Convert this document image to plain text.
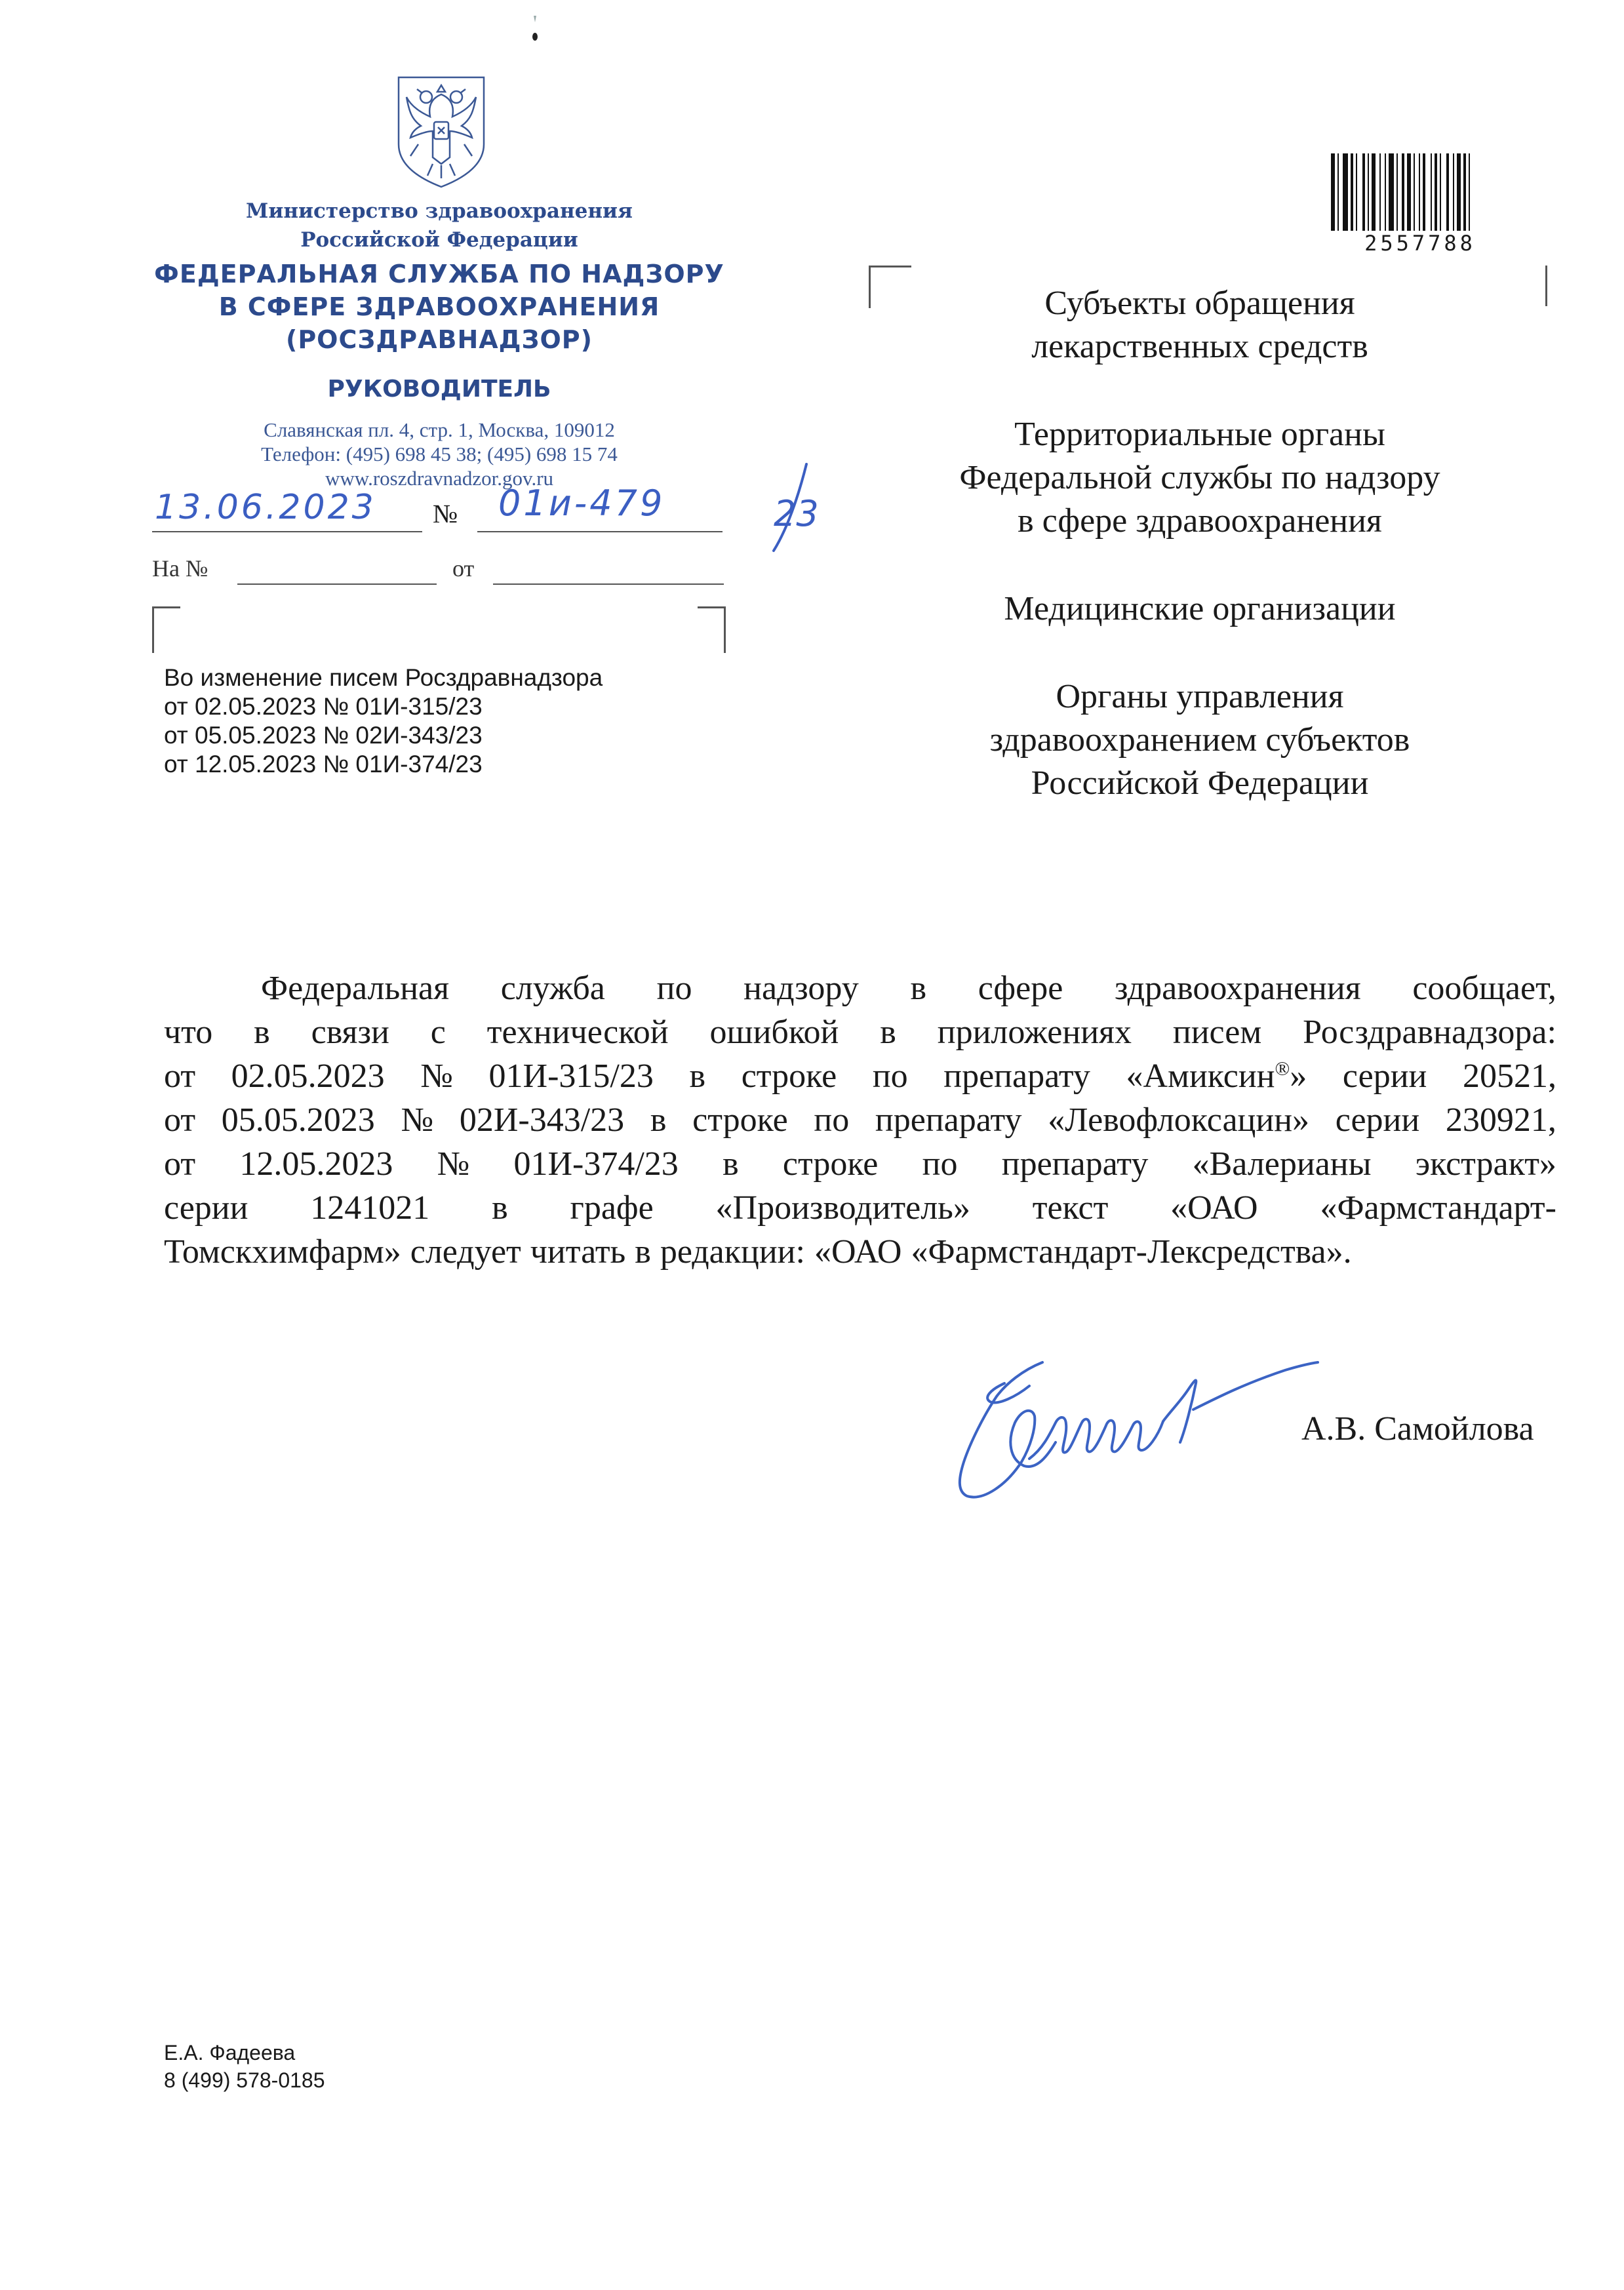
Министерство здравоохранения
Российской Федерации
ФЕДЕРАЛЬНАЯ СЛУЖБА ПО НАДЗОРУ
В СФЕРЕ ЗДРАВООХРАНЕНИЯ
(РОСЗДРАВНАДЗОР)
РУКОВОДИТЕЛЬ
Славянская пл. 4, стр. 1, Москва, 109012
Телефон: (495) 698 45 38; (495) 698 15 74
www.roszdravnadzor.gov.ru
13.06.2023 № 01и-479	23
На №	от
Во изменение писем Росздравнадзора
от 02.05.2023 № 01И-315/23
от 05.05.2023 № 02И-343/23
от 12.05.2023 № 01И-374/23
2557788
Субъекты обращения
лекарственных средств
Территориальные органы
Федеральной службы по надзору
в сфере здравоохранения
Медицинские организации
Органы управления
здравоохранением субъектов
Российской Федерации
Федеральная служба по надзору в сфере здравоохранения сообщает,
что в связи с технической ошибкой в приложениях писем Росздравнадзора:
от 02.05.2023 № 01И-315/23 в строке по препарату «Амиксин®» серии 20521,
от 05.05.2023 № 02И-343/23 в строке по препарату «Левофлоксацин» серии 230921,
от 12.05.2023 № 01И-374/23 в строке по препарату «Валерианы экстракт»
серии 1241021 в графе «Производитель» текст «ОАО «Фармстандарт-
Томскхимфарм» следует читать в редакции: «ОАО «Фармстандарт-Лексредства».
А.В. Самойлова
Е.А. Фадеева
8 (499) 578-0185
